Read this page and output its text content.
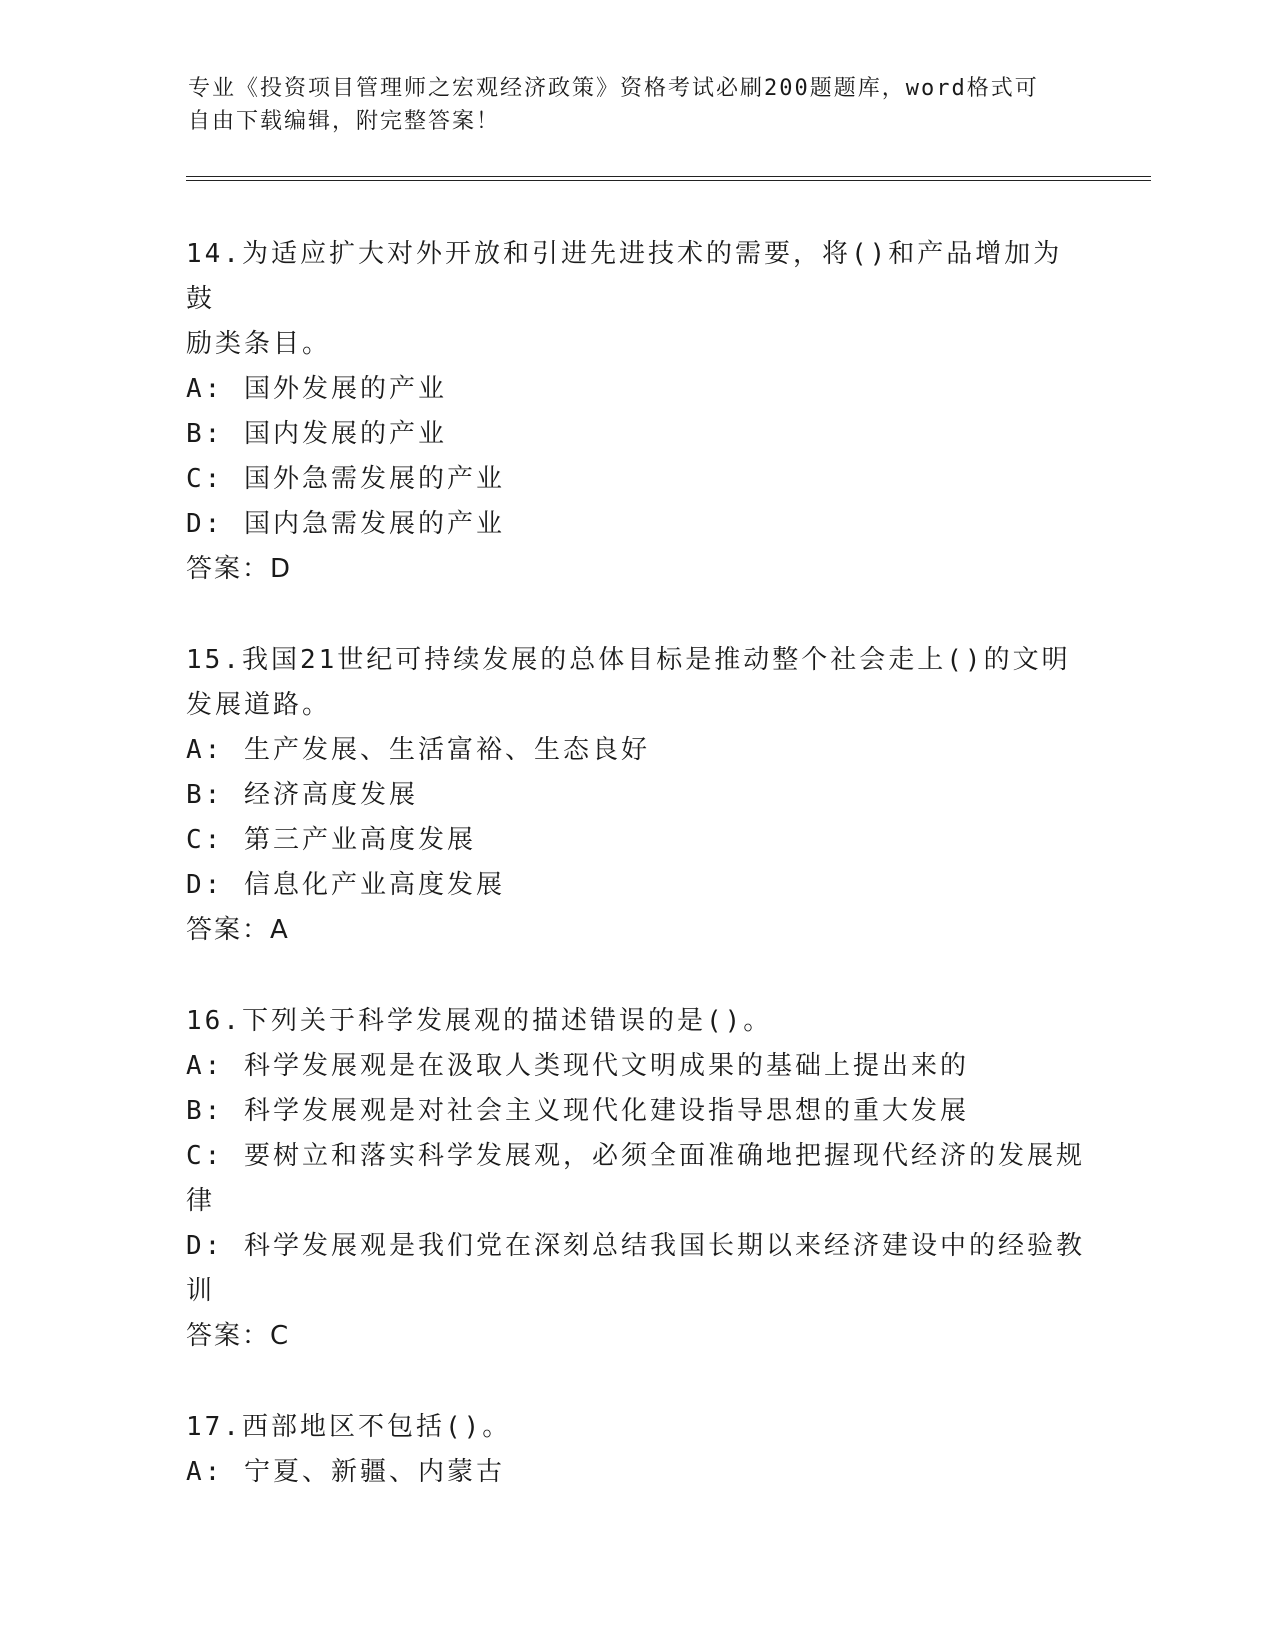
专业《投资项目管理师之宏观经济政策》资格考试必刷200题题库，word格式可
自由下载编辑，附完整答案！

14.为适应扩大对外开放和引进先进技术的需要，将()和产品增加为鼓

励类条目。

A: 国外发展的产业

B: 国内发展的产业

C: 国外急需发展的产业

D: 国内急需发展的产业

答案：D

15.我国21世纪可持续发展的总体目标是推动整个社会走上()的文明

发展道路。

A: 生产发展、生活富裕、生态良好

B: 经济高度发展

C: 第三产业高度发展

D: 信息化产业高度发展

答案：A

16.下列关于科学发展观的描述错误的是()。

A: 科学发展观是在汲取人类现代文明成果的基础上提出来的

B: 科学发展观是对社会主义现代化建设指导思想的重大发展

C: 要树立和落实科学发展观，必须全面准确地把握现代经济的发展规

律

D: 科学发展观是我们党在深刻总结我国长期以来经济建设中的经验教

训

答案：C

17.西部地区不包括()。

A: 宁夏、新疆、内蒙古
